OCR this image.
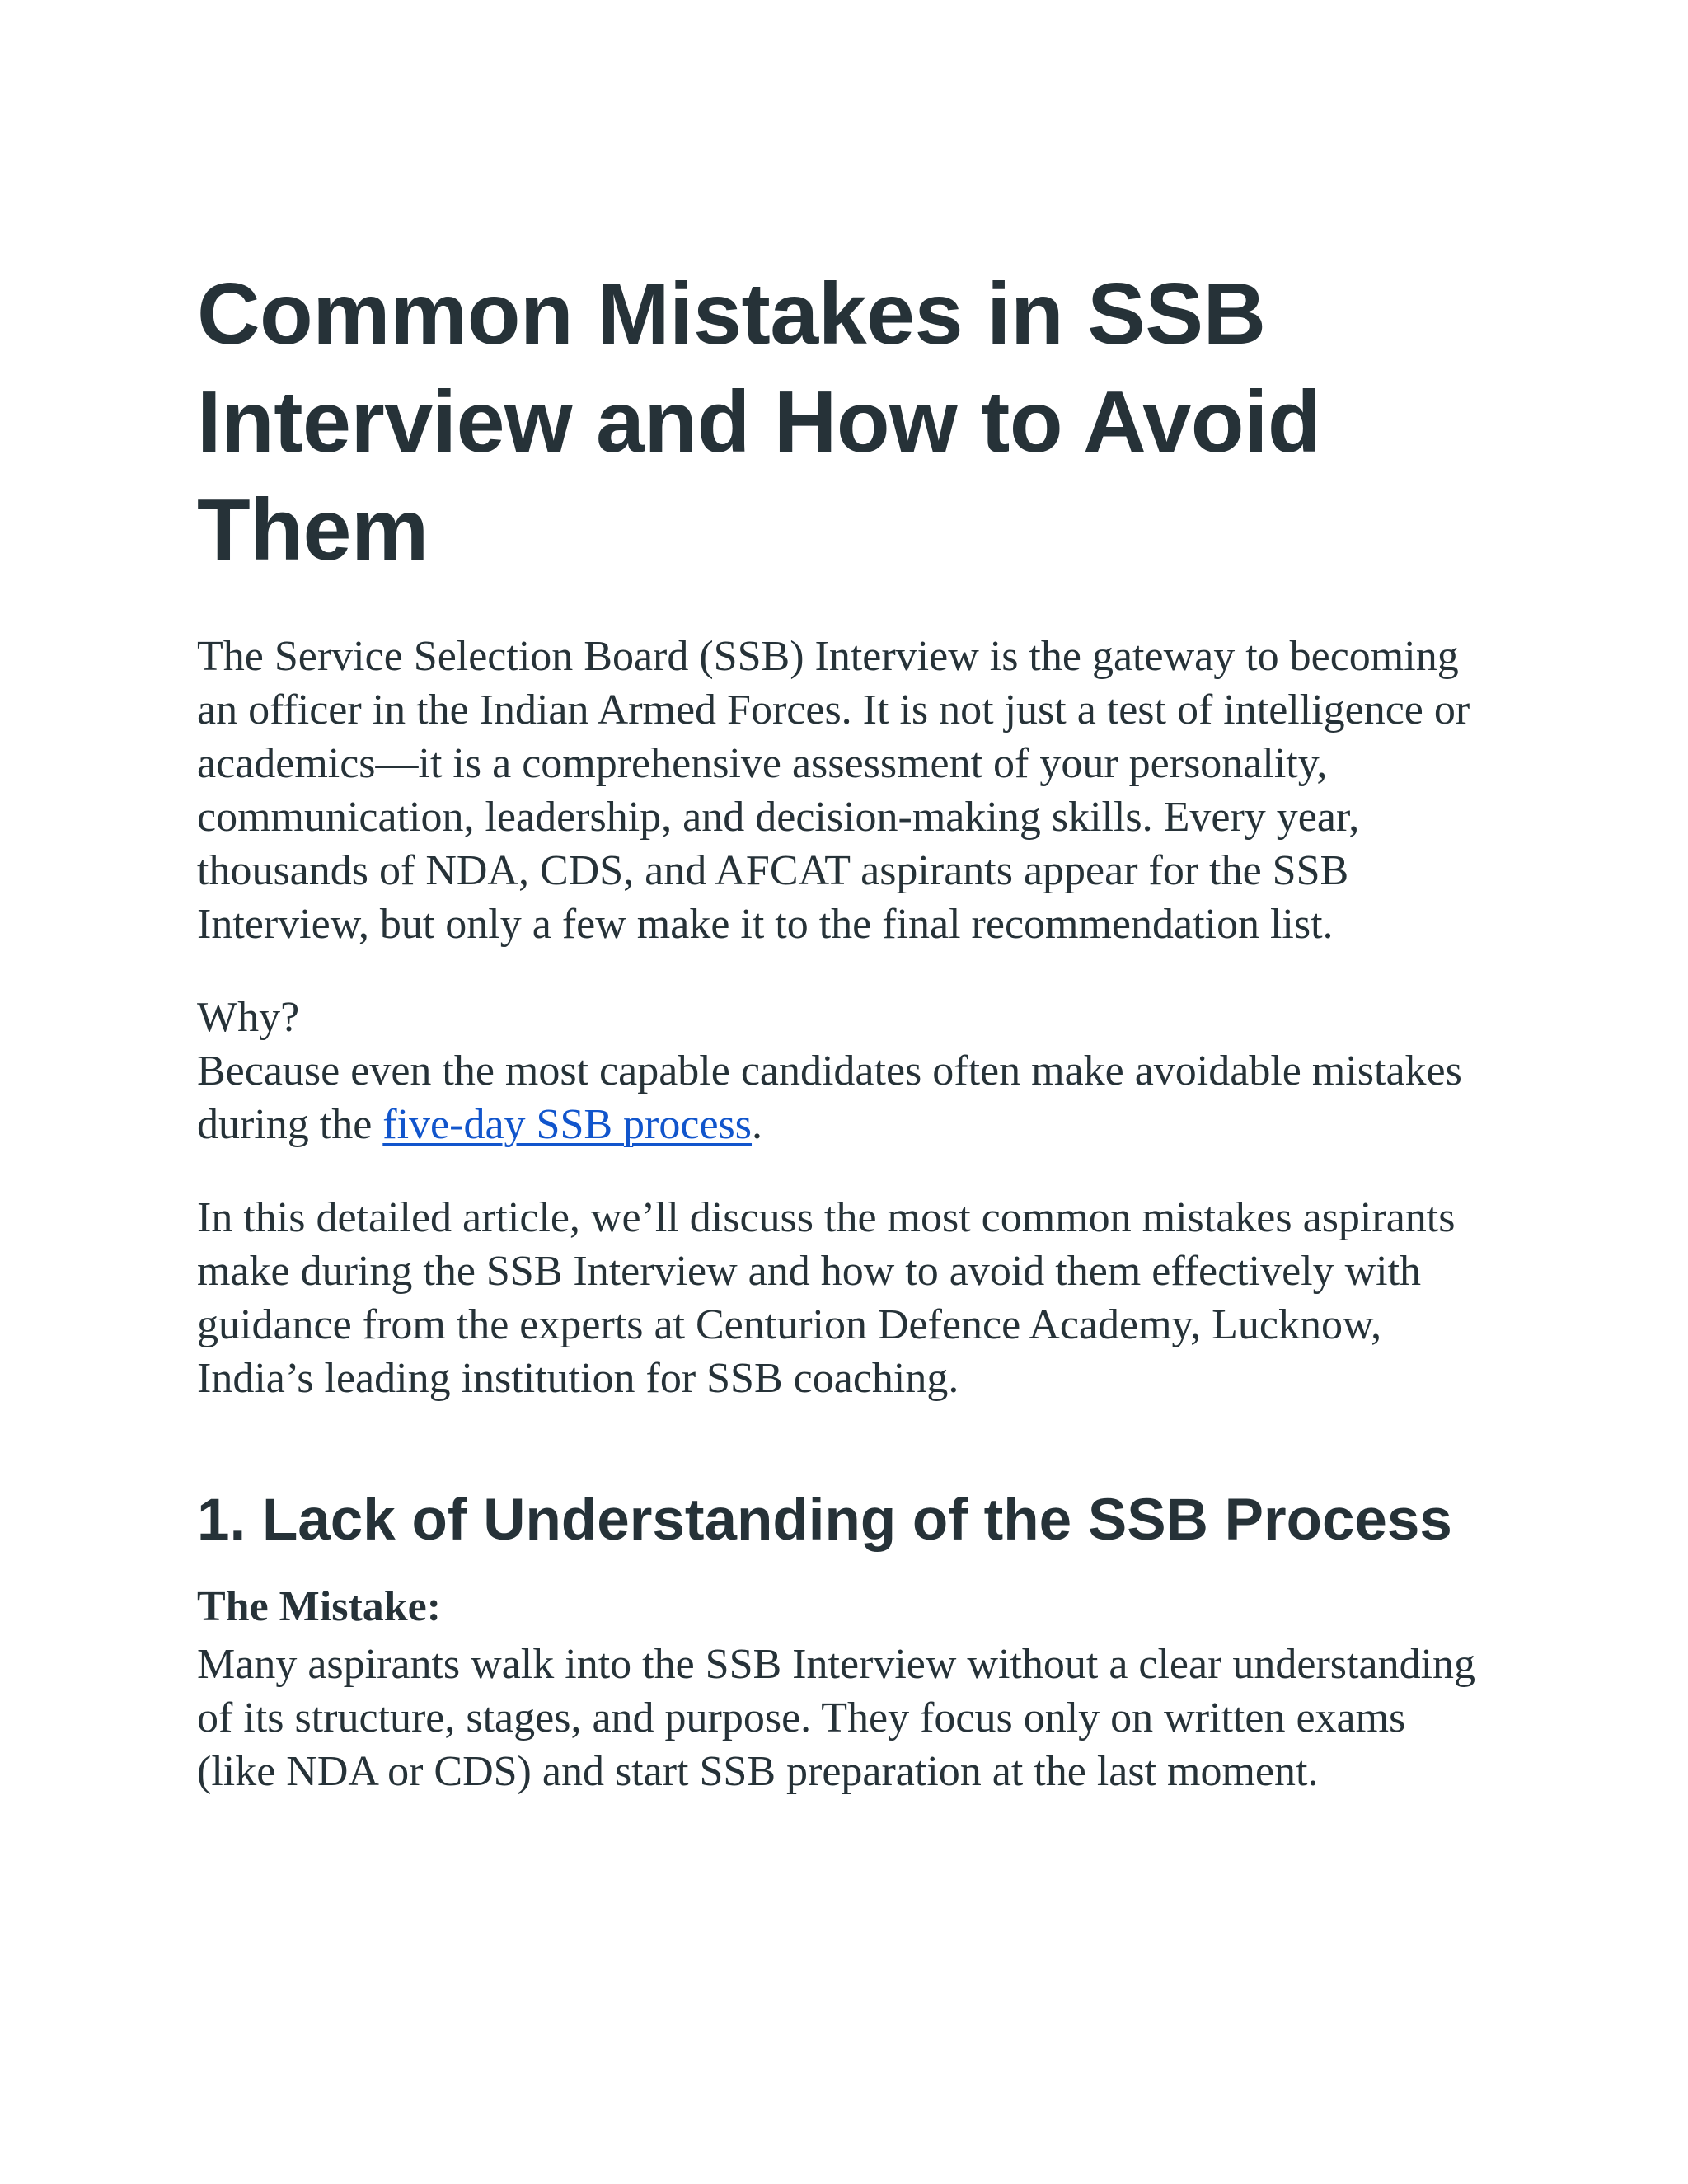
Common Mistakes in SSB Interview and How to Avoid Them

The Service Selection Board (SSB) Interview is the gateway to becoming an officer in the Indian Armed Forces. It is not just a test of intelligence or academics—it is a comprehensive assessment of your personality, communication, leadership, and decision-making skills. Every year, thousands of NDA, CDS, and AFCAT aspirants appear for the SSB Interview, but only a few make it to the final recommendation list.

Why?
Because even the most capable candidates often make avoidable mistakes during the five-day SSB process.

In this detailed article, we’ll discuss the most common mistakes aspirants make during the SSB Interview and how to avoid them effectively with guidance from the experts at Centurion Defence Academy, Lucknow, India’s leading institution for SSB coaching.

1. Lack of Understanding of the SSB Process

The Mistake:

Many aspirants walk into the SSB Interview without a clear understanding of its structure, stages, and purpose. They focus only on written exams (like NDA or CDS) and start SSB preparation at the last moment.
